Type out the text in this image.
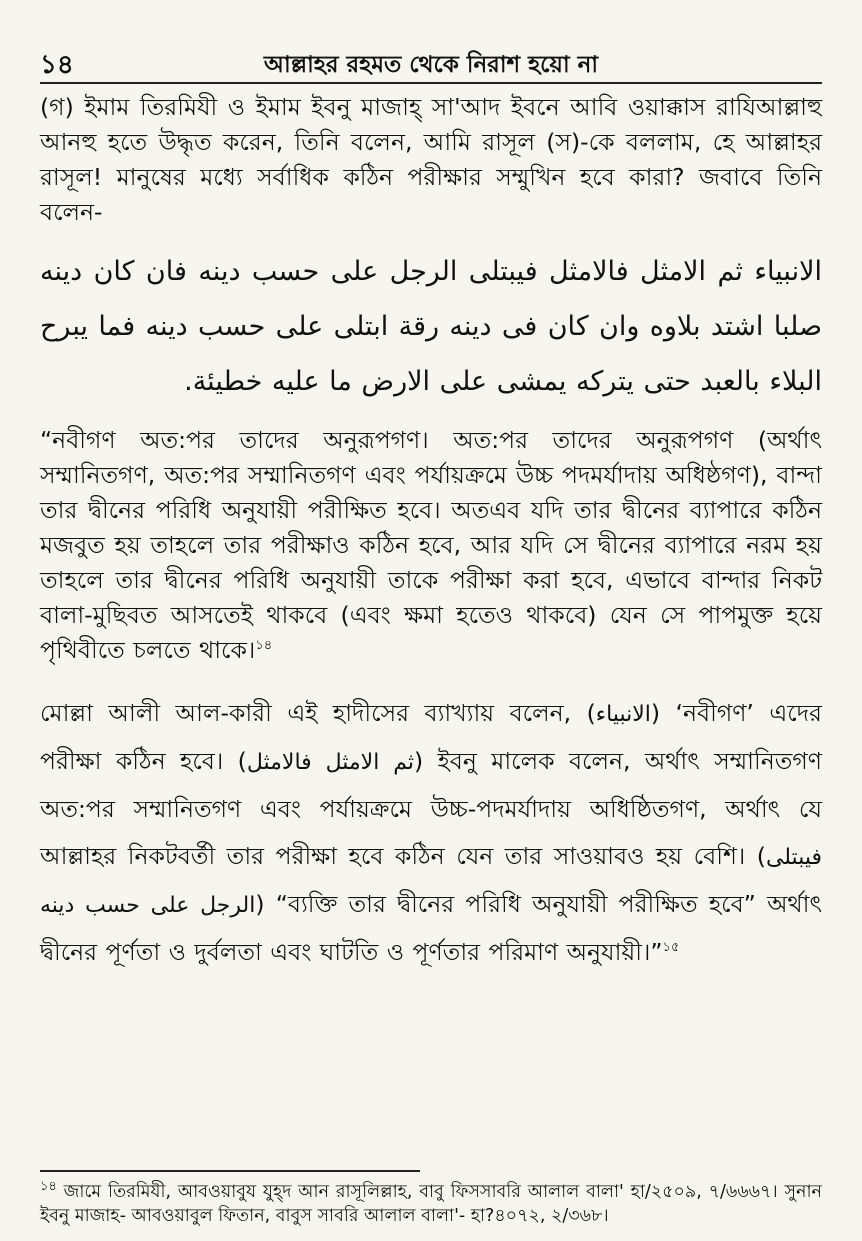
১৪	আল্লাহর রহমত থেকে নিরাশ হয়ো না

(গ) ইমাম তিরমিযী ও ইমাম ইবনু মাজাহ্ সা'আদ ইবনে আবি ওয়াক্কাস রাযিআল্লাহু আনহু হতে উদ্ধৃত করেন, তিনি বলেন, আমি রাসূল (স)-কে বললাম, হে আল্লাহর রাসূল! মানুষের মধ্যে সর্বাধিক কঠিন পরীক্ষার সম্মুখিন হবে কারা? জবাবে তিনি বলেন-

الانبياء ثم الامثل فالامثل فيبتلى الرجل على حسب دينه فان كان دينه صلبا اشتد بلاوه وان كان فى دينه رقة ابتلى على حسب دينه فما يبرح البلاء بالعبد حتى يتركه يمشى على الارض ما عليه خطيئة.

“নবীগণ অত:পর তাদের অনুরূপগণ। অত:পর তাদের অনুরূপগণ (অর্থাৎ সম্মানিতগণ, অত:পর সম্মানিতগণ এবং পর্যায়ক্রমে উচ্চ পদমর্যাদায় অধিষ্ঠগণ), বান্দা তার দ্বীনের পরিধি অনুযায়ী পরীক্ষিত হবে। অতএব যদি তার দ্বীনের ব্যাপারে কঠিন মজবুত হয় তাহলে তার পরীক্ষাও কঠিন হবে, আর যদি সে দ্বীনের ব্যাপারে নরম হয় তাহলে তার দ্বীনের পরিধি অনুযায়ী তাকে পরীক্ষা করা হবে, এভাবে বান্দার নিকট বালা-মুছিবত আসতেই থাকবে (এবং ক্ষমা হতেও থাকবে) যেন সে পাপমুক্ত হয়ে পৃথিবীতে চলতে থাকে।$^{১৪}$

মোল্লা আলী আল-কারী এই হাদীসের ব্যাখ্যায় বলেন, (الانبياء) ‘নবীগণ’ এদের পরীক্ষা কঠিন হবে। (ثم الامثل فالامثل) ইবনু মালেক বলেন, অর্থাৎ সম্মানিতগণ অত:পর সম্মানিতগণ এবং পর্যায়ক্রমে উচ্চ-পদমর্যাদায় অধিষ্ঠিতগণ, অর্থাৎ যে আল্লাহর নিকটবর্তী তার পরীক্ষা হবে কঠিন যেন তার সাওয়াবও হয় বেশি। (فيبتلى الرجل على حسب دينه) “ব্যক্তি তার দ্বীনের পরিধি অনুযায়ী পরীক্ষিত হবে” অর্থাৎ দ্বীনের পূর্ণতা ও দুর্বলতা এবং ঘাটতি ও পূর্ণতার পরিমাণ অনুযায়ী।”$^{১৫}$

$^{১৪}$ জামে তিরমিযী, আবওয়াবুয যুহ্দ আন রাসূলিল্লাহ, বাবু ফিসসাবরি আলাল বালা' হা/২৫০৯, ৭/৬৬৬৭। সুনান ইবনু মাজাহ- আবওয়াবুল ফিতান, বাবুস সাবরি আলাল বালা'- হা?৪০৭২, ২/৩৬৮।
